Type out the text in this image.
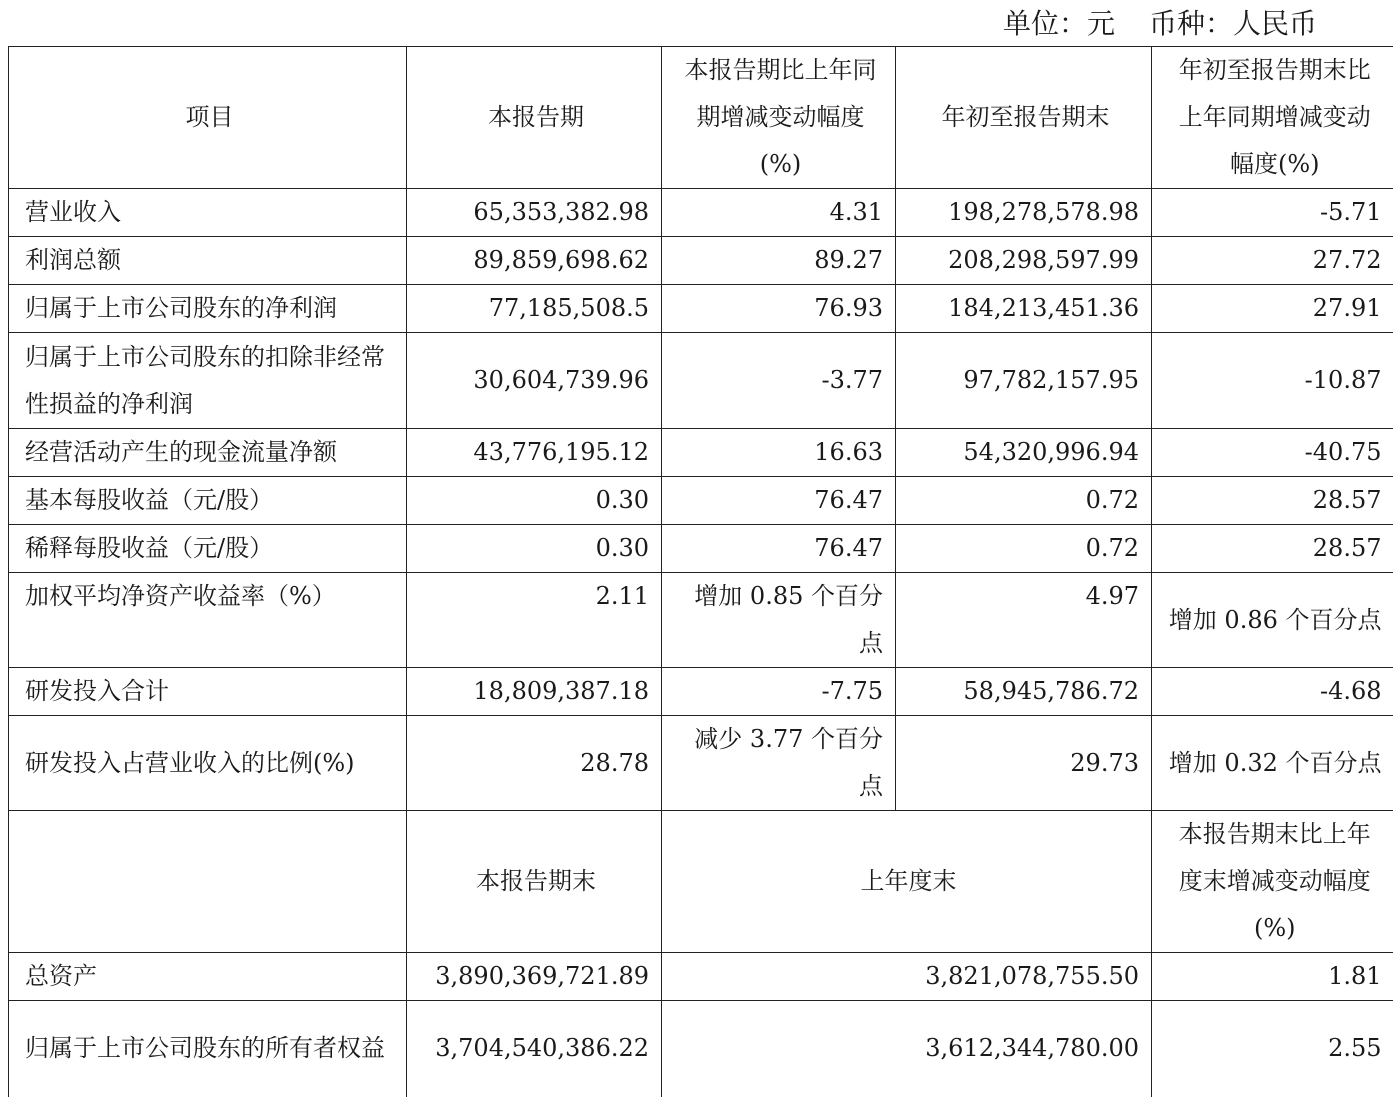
单位：元 币种：人民币
项目	本报告期	本报告期比上年同期增减变动幅度(%)	年初至报告期末	年初至报告期末比上年同期增减变动幅度(%)
营业收入	65,353,382.98	4.31	198,278,578.98	-5.71
利润总额	89,859,698.62	89.27	208,298,597.99	27.72
归属于上市公司股东的净利润	77,185,508.5	76.93	184,213,451.36	27.91
归属于上市公司股东的扣除非经常性损益的净利润	30,604,739.96	-3.77	97,782,157.95	-10.87
经营活动产生的现金流量净额	43,776,195.12	16.63	54,320,996.94	-40.75
基本每股收益（元/股）	0.30	76.47	0.72	28.57
稀释每股收益（元/股）	0.30	76.47	0.72	28.57
加权平均净资产收益率（%）	2.11	增加 0.85 个百分点	4.97	增加 0.86 个百分点
研发投入合计	18,809,387.18	-7.75	58,945,786.72	-4.68
研发投入占营业收入的比例(%)	28.78	减少 3.77 个百分点	29.73	增加 0.32 个百分点
	本报告期末	上年度末		本报告期末比上年度末增减变动幅度(%)
总资产	3,890,369,721.89	3,821,078,755.50		1.81
归属于上市公司股东的所有者权益	3,704,540,386.22	3,612,344,780.00		2.55
